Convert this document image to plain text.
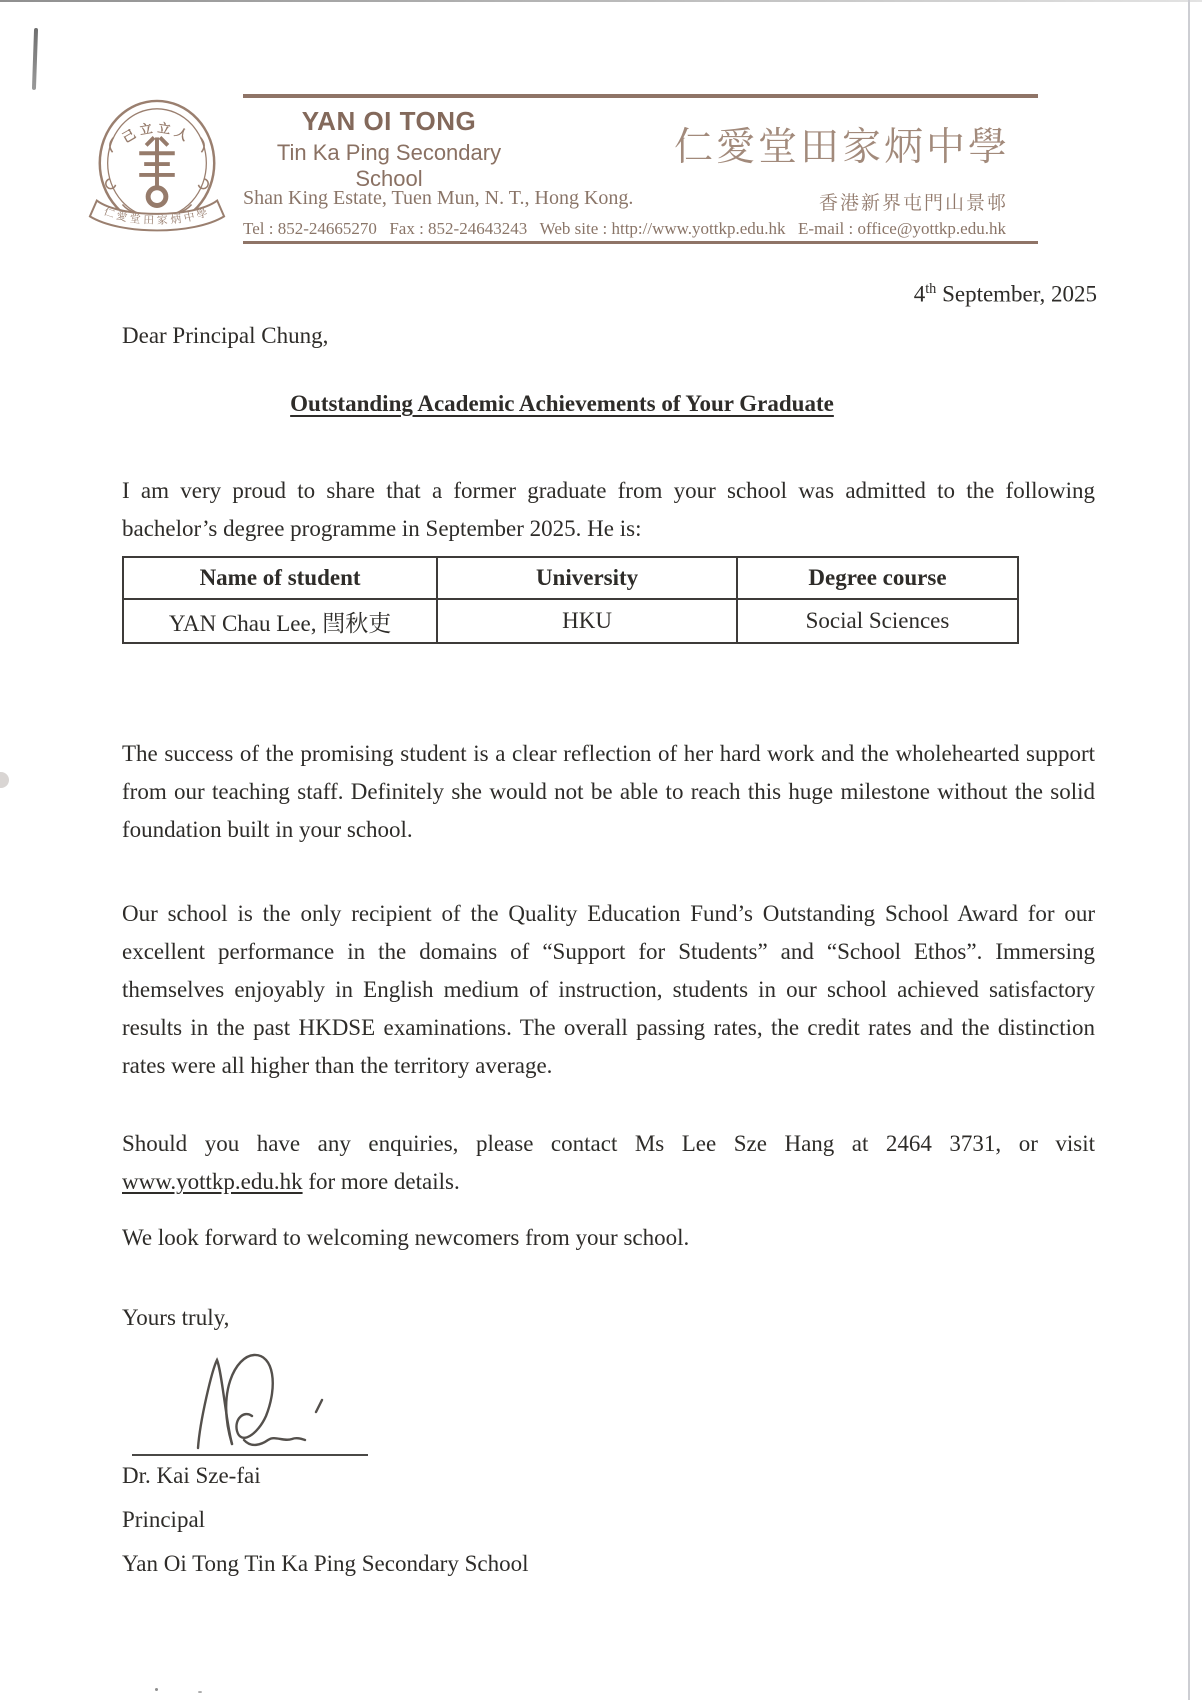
己立立人
仁愛堂田家炳中學
YAN OI TONG
Tin Ka Ping Secondary School
仁愛堂田家炳中學
Shan King Estate, Tuen Mun, N. T., Hong Kong.	香港新界屯門山景邨
Tel : 852-24665270 Fax : 852-24643243 Web site : http://www.yottkp.edu.hk E-mail : office@yottkp.edu.hk
4th September, 2025
Dear Principal Chung,
Outstanding Academic Achievements of Your Graduate

I am very proud to share that a former graduate from your school was admitted to the following bachelor’s degree programme in September 2025. He is:

Name of student	University	Degree course
YAN Chau Lee, 閆秋吏	HKU	Social Sciences

The success of the promising student is a clear reflection of her hard work and the wholehearted support from our teaching staff. Definitely she would not be able to reach this huge milestone without the solid foundation built in your school.

Our school is the only recipient of the Quality Education Fund’s Outstanding School Award for our excellent performance in the domains of “Support for Students” and “School Ethos”. Immersing themselves enjoyably in English medium of instruction, students in our school achieved satisfactory results in the past HKDSE examinations. The overall passing rates, the credit rates and the distinction rates were all higher than the territory average.

Should you have any enquiries, please contact Ms Lee Sze Hang at 2464 3731, or visit www.yottkp.edu.hk for more details.

We look forward to welcoming newcomers from your school.

Yours truly,
Dr. Kai Sze-fai
Principal
Yan Oi Tong Tin Ka Ping Secondary School
